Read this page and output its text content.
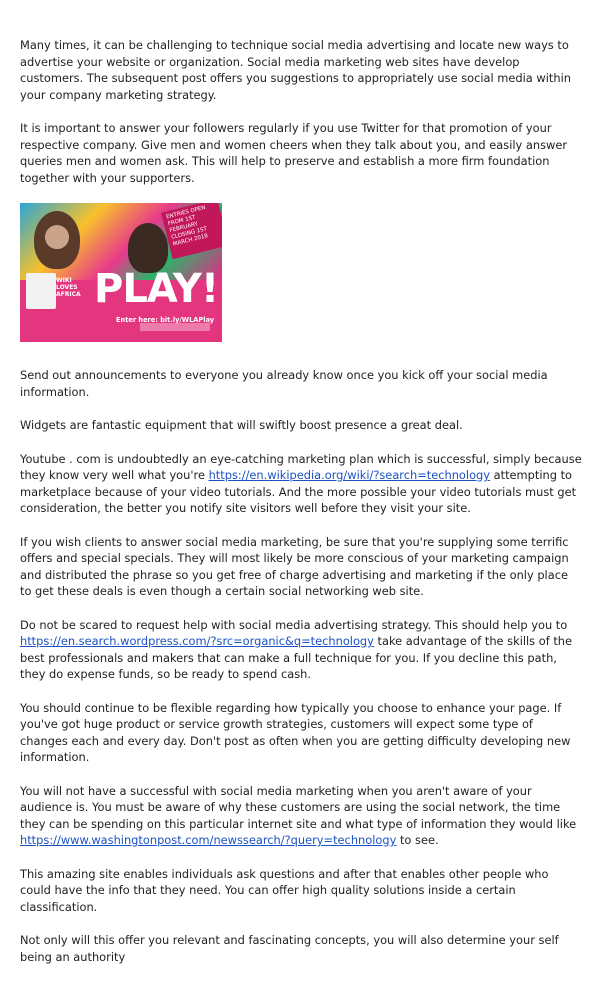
Many times, it can be challenging to technique social media advertising and locate new ways to advertise your website or organization. Social media marketing web sites have develop customers. The subsequent post offers you suggestions to appropriately use social media within your company marketing strategy.

It is important to answer your followers regularly if you use Twitter for that promotion of your respective company. Give men and women cheers when they talk about you, and easily answer queries men and women ask. This will help to preserve and establish a more firm foundation together with your supporters.

ENTRIES OPEN FROM 1ST FEBRUARY CLOSING 1ST MARCH 2018
WIKI LOVES AFRICA PLAY!
Enter here: bit.ly/WLAPlay

Send out announcements to everyone you already know once you kick off your social media information.

Widgets are fantastic equipment that will swiftly boost presence a great deal.

Youtube . com is undoubtedly an eye-catching marketing plan which is successful, simply because they know very well what you're https://en.wikipedia.org/wiki/?search=technology attempting to marketplace because of your video tutorials. And the more possible your video tutorials must get consideration, the better you notify site visitors well before they visit your site.

If you wish clients to answer social media marketing, be sure that you're supplying some terrific offers and special specials. They will most likely be more conscious of your marketing campaign and distributed the phrase so you get free of charge advertising and marketing if the only place to get these deals is even though a certain social networking web site.

Do not be scared to request help with social media advertising strategy. This should help you to https://en.search.wordpress.com/?src=organic&q=technology take advantage of the skills of the best professionals and makers that can make a full technique for you. If you decline this path, they do expense funds, so be ready to spend cash.

You should continue to be flexible regarding how typically you choose to enhance your page. If you've got huge product or service growth strategies, customers will expect some type of changes each and every day. Don't post as often when you are getting difficulty developing new information.

You will not have a successful with social media marketing when you aren't aware of your audience is. You must be aware of why these customers are using the social network, the time they can be spending on this particular internet site and what type of information they would like https://www.washingtonpost.com/newssearch/?query=technology to see.

This amazing site enables individuals ask questions and after that enables other people who could have the info that they need. You can offer high quality solutions inside a certain classification.

Not only will this offer you relevant and fascinating concepts, you will also determine your self being an authority
